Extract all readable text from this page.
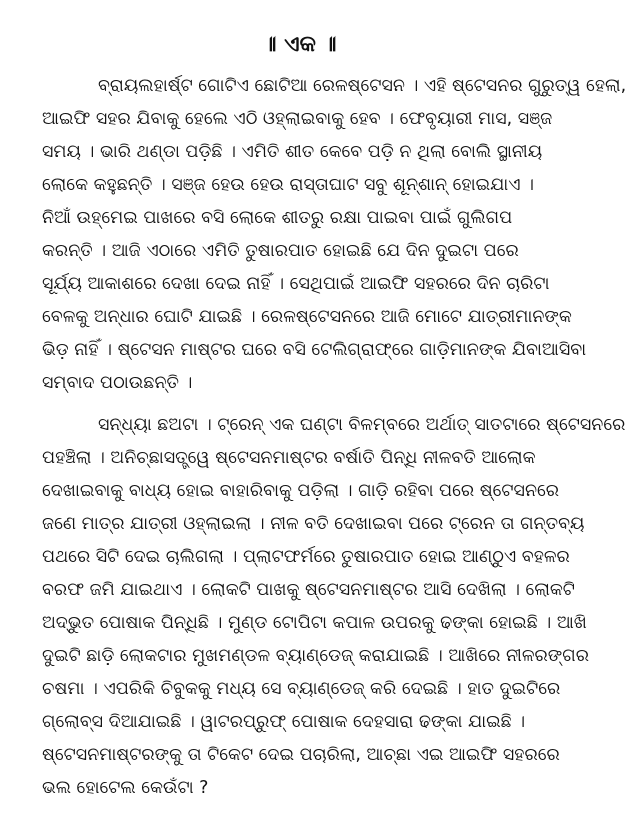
॥ ଏକ ॥
ବ୍ରାୟଲହାର୍ଷ୍ଟ ଗୋଟିଏ ଛୋଟିଆ ରେଳଷ୍ଟେସନ । ଏହି ଷ୍ଟେସନର ଗୁରୁତ୍ୱ ହେଲା,
ଆଇଫି ସହର ଯିବାକୁ ହେଲେ ଏଠି ଓହ୍ଲାଇବାକୁ ହେବ । ଫେବୃୟାରୀ ମାସ, ସଞ୍ଜ
ସମୟ । ଭାରି ଥଣ୍ଡା ପଡ଼ିଛି । ଏମିତି ଶୀତ କେବେ ପଡ଼ି ନ ଥିଲା ବୋଲି ସ୍ଥାନୀୟ
ଲୋକେ କହୁଛନ୍ତି । ସଞ୍ଜ ହେଉ ହେଉ ରାସ୍ତାଘାଟ ସବୁ ଶୂନ୍‌ଶାନ୍ ହୋଇଯାଏ ।
ନିଆଁ ଉହ୍ମେଇ ପାଖରେ ବସି ଲୋକେ ଶୀତରୁ ରକ୍ଷା ପାଇବା ପାଇଁ ଗୁଲିଗପ
କରନ୍ତି । ଆଜି ଏଠାରେ ଏମିତି ତୁଷାରପାତ ହୋଇଛି ଯେ ଦିନ ଦୁଇଟା ପରେ
ସୂର୍ଯ୍ୟ ଆକାଶରେ ଦେଖା ଦେଇ ନାହିଁ । ସେଥିପାଇଁ ଆଇଫି ସହରରେ ଦିନ ଚାରିଟା
ବେଳକୁ ଅନ୍ଧାର ଘୋଟି ଯାଇଛି । ରେଳଷ୍ଟେସନରେ ଆଜି ମୋଟେ ଯାତ୍ରୀମାନଙ୍କ
ଭିଡ଼ ନାହିଁ । ଷ୍ଟେସନ ମାଷ୍ଟର ଘରେ ବସି ଟେଲିଗ୍ରାଫ୍‌ରେ ଗାଡ଼ିମାନଙ୍କ ଯିବାଆସିବା
ସମ୍ବାଦ ପଠାଉଛନ୍ତି ।
ସନ୍ଧ୍ୟା ଛଅଟା । ଟ୍ରେନ୍ ଏକ ଘଣ୍ଟା ବିଳମ୍ବରେ ଅର୍ଥାତ୍ ସାତଟାରେ ଷ୍ଟେସନରେ
ପହଞ୍ଚିଲା । ଅନିଚ୍ଛାସତ୍ତ୍ୱେ ଷ୍ଟେସନମାଷ୍ଟର ବର୍ଷାତି ପିନ୍ଧି ନୀଳବତି ଆଲୋକ
ଦେଖାଇବାକୁ ବାଧ୍ୟ ହୋଇ ବାହାରିବାକୁ ପଡ଼ିଲା । ଗାଡ଼ି ରହିବା ପରେ ଷ୍ଟେସନରେ
ଜଣେ ମାତ୍ର ଯାତ୍ରୀ ଓହ୍ଲାଇଲା । ନୀଳ ବତି ଦେଖାଇବା ପରେ ଟ୍ରେନ ତା ଗନ୍ତବ୍ୟ
ପଥରେ ସିଟି ଦେଇ ଚାଲିଗଲା । ପ୍ଲାଟଫର୍ମରେ ତୁଷାରପାତ ହୋଇ ଆଣ୍ଠୁଏ ବହଳର
ବରଫ ଜମି ଯାଇଥାଏ । ଲୋକଟି ପାଖକୁ ଷ୍ଟେସନମାଷ୍ଟର ଆସି ଦେଖିଲା । ଲୋକଟି
ଅଦ୍ଭୁତ ପୋଷାକ ପିନ୍ଧିଛି । ମୁଣ୍ଡ ଟୋପିଟା କପାଳ ଉପରକୁ ଢଙ୍କା ହୋଇଛି । ଆଖି
ଦୁଇଟି ଛାଡ଼ି ଲୋକଟାର ମୁଖମଣ୍ଡଳ ବ୍ୟାଣ୍ଡେଜ୍ କରାଯାଇଛି । ଆଖିରେ ନୀଳରଙ୍ଗର
ଚଷମା । ଏପରିକି ଚିବୁକକୁ ମଧ୍ୟ ସେ ବ୍ୟାଣ୍ଡେଜ୍ କରି ଦେଇଛି । ହାତ ଦୁଇଟିରେ
ଗ୍ଲୋବ୍‌ସ ଦିଆଯାଇଛି । ୱାଟରପ୍ରୁଫ୍ ପୋଷାକ ଦେହସାରା ଢଙ୍କା ଯାଇଛି ।
ଷ୍ଟେସନମାଷ୍ଟରଙ୍କୁ ତା ଟିକେଟ ଦେଇ ପଚାରିଲା, ଆଚ୍ଛା ଏଇ ଆଇଫି ସହରରେ
ଭଲ ହୋଟେଲ କେଉଁଟା ?
